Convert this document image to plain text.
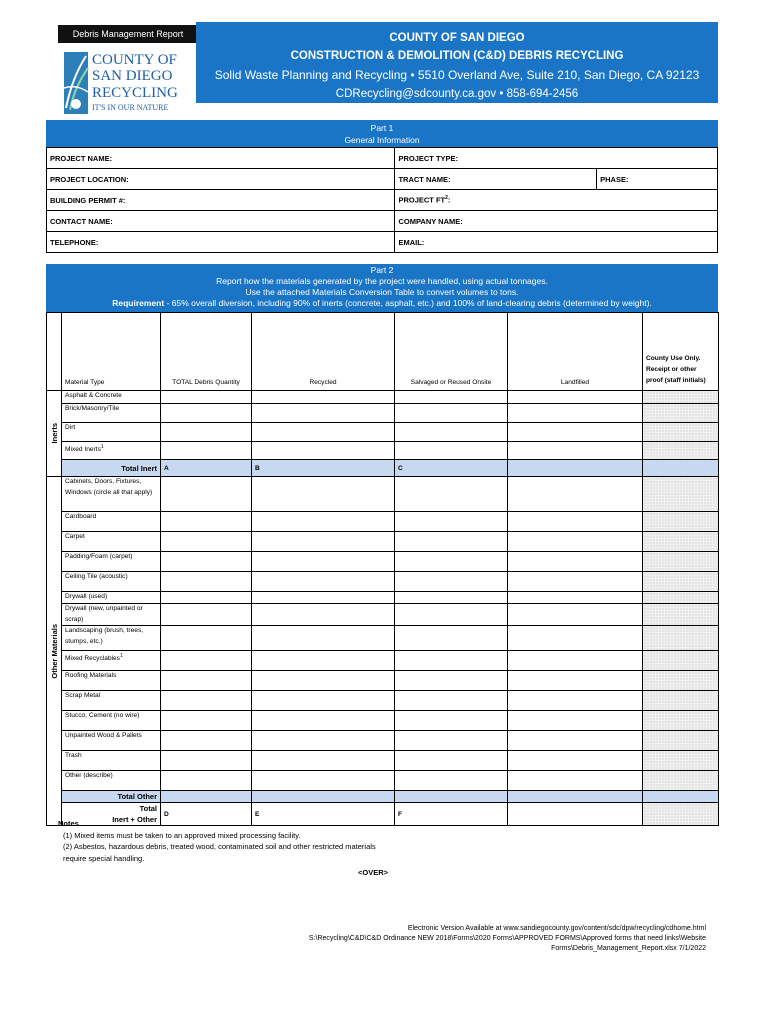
Debris Management Report
COUNTY OF
SAN DIEGO
RECYCLING
IT'S IN OUR NATURE
COUNTY OF SAN DIEGO
CONSTRUCTION & DEMOLITION (C&D) DEBRIS RECYCLING
Solid Waste Planning and Recycling • 5510 Overland Ave, Suite 210, San Diego, CA 92123
CDRecycling@sdcounty.ca.gov • 858-694-2456
Part 1
General Information
PROJECT NAME:	PROJECT TYPE:	
PROJECT LOCATION:	TRACT NAME:	PHASE:
BUILDING PERMIT #:	PROJECT $FT^2$:	
CONTACT NAME:	COMPANY NAME:	
TELEPHONE:	EMAIL:	
Part 2
Report how the materials generated by the project were handled, using actual tonnages.
Use the attached Materials Conversion Table to convert volumes to tons.
Requirement - 65% overall diversion, including 90% of inerts (concrete, asphalt, etc.) and 100% of land-clearing debris (determined by weight).
	Material Type	TOTAL Debris Quantity	Recycled	Salvaged or Reused Onsite	Landfilled	County Use Only. Receipt or other proof (staff initials)

Inerts	Asphalt & Concrete					
	Brick/Masonry/Tile					
	Dirt					
	Mixed Inerts$^1$					
	Total Inert	A	B	C		

Other Materials	Cabinets, Doors, Fixtures, Windows (circle all that apply)					
	Cardboard					
	Carpet					
	Padding/Foam (carpet)					
	Ceiling Tile (acoustic)					
	Drywall (used)					
	Drywall (new, unpainted or scrap)					
	Landscaping (brush, trees, stumps, etc.)					
	Mixed Recyclables$^1$					
	Roofing Materials					
	Scrap Metal					
	Stucco, Cement (no wire)					
	Unpainted Wood & Pallets					
	Trash					
	Other (describe)					
	Total Other					

	Total
Inert + Other	D	E	F		
Notes
(1) Mixed items must be taken to an approved mixed processing facility.
(2) Asbestos, hazardous debris, treated wood, contaminated soil and other restricted materials
require special handling.
<OVER>
Electronic Version Available at www.sandiegocounty.gov/content/sdc/dpw/recycling/cdhome.html
S:\Recycling\C&D\C&D Ordinance NEW 2018\Forms\2020 Forms\APPROVED FORMS\Approved forms that need links\Website
Forms\Debris_Management_Report.xlsx 7/1/2022
